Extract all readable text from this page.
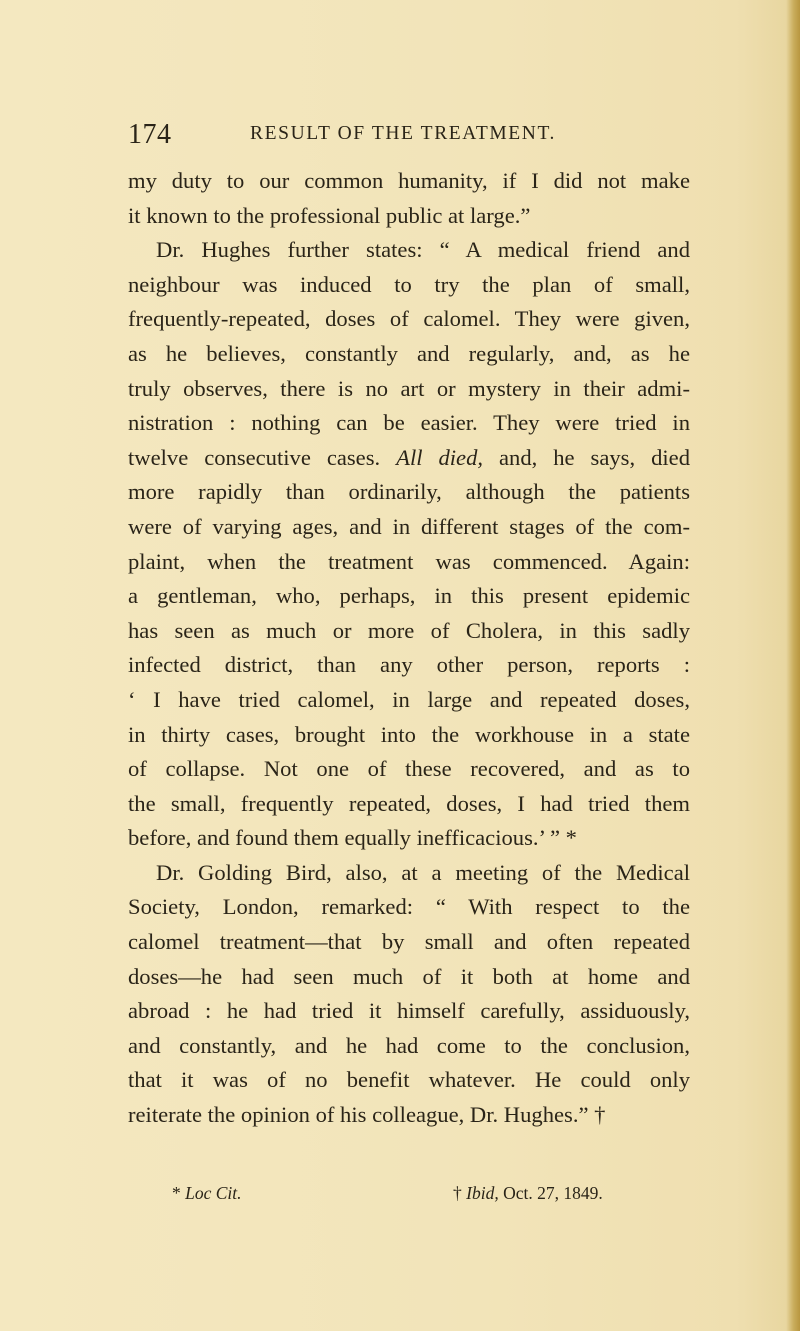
174	RESULT OF THE TREATMENT.
my duty to our common humanity, if I did not make
it known to the professional public at large.”
Dr. Hughes further states: “ A medical friend and
neighbour was induced to try the plan of small,
frequently-repeated, doses of calomel. They were given,
as he believes, constantly and regularly, and, as he
truly observes, there is no art or mystery in their admi-
nistration : nothing can be easier. They were tried in
twelve consecutive cases. All died, and, he says, died
more rapidly than ordinarily, although the patients
were of varying ages, and in different stages of the com-
plaint, when the treatment was commenced. Again:
a gentleman, who, perhaps, in this present epidemic
has seen as much or more of Cholera, in this sadly
infected district, than any other person, reports :
‘ I have tried calomel, in large and repeated doses,
in thirty cases, brought into the workhouse in a state
of collapse. Not one of these recovered, and as to
the small, frequently repeated, doses, I had tried them
before, and found them equally inefficacious.’ ” *
Dr. Golding Bird, also, at a meeting of the Medical
Society, London, remarked: “ With respect to the
calomel treatment—that by small and often repeated
doses—he had seen much of it both at home and
abroad : he had tried it himself carefully, assiduously,
and constantly, and he had come to the conclusion,
that it was of no benefit whatever. He could only
reiterate the opinion of his colleague, Dr. Hughes.” †
* Loc Cit.	† Ibid, Oct. 27, 1849.
